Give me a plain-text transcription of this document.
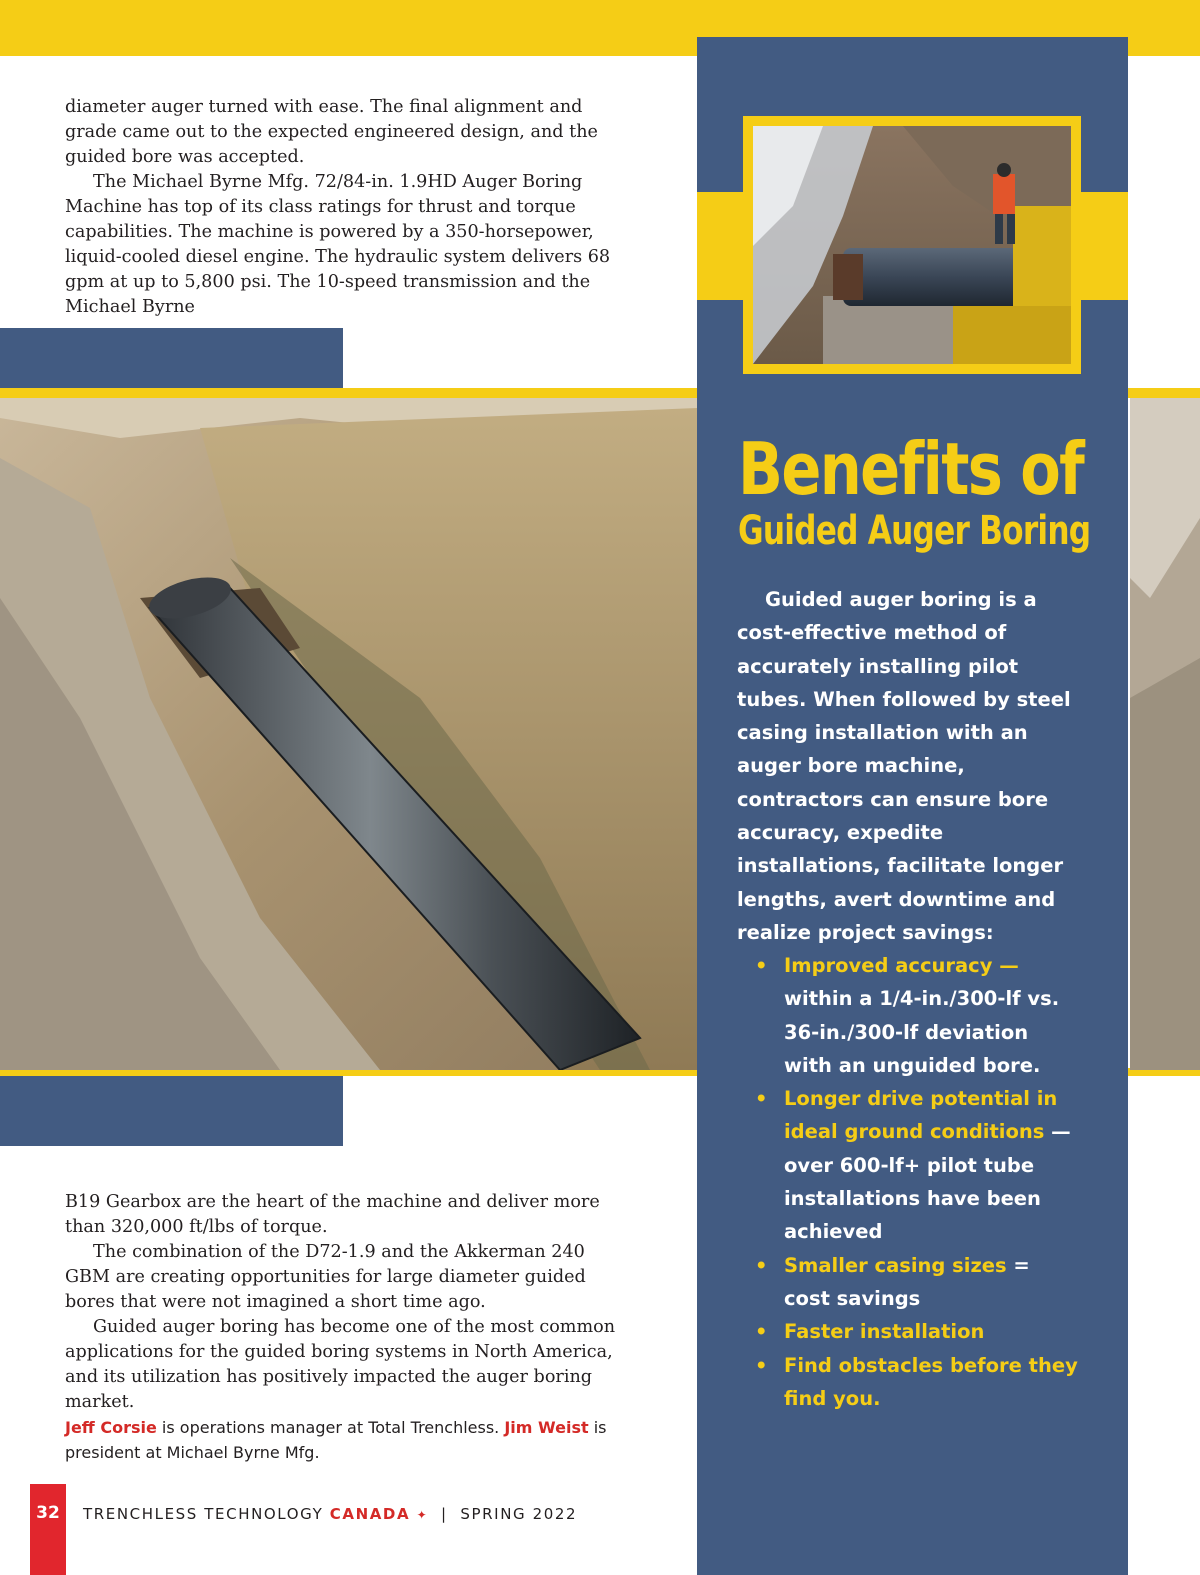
diameter auger turned with ease. The final alignment and grade came out to the expected engineered design, and the guided bore was accepted.

The Michael Byrne Mfg. 72/84-in. 1.9HD Auger Boring Machine has top of its class ratings for thrust and torque capabilities. The machine is powered by a 350-horsepower, liquid-cooled diesel engine. The hydraulic system delivers 68 gpm at up to 5,800 psi. The 10-speed transmission and the Michael Byrne

B19 Gearbox are the heart of the machine and deliver more than 320,000 ft/lbs of torque.

The combination of the D72-1.9 and the Akkerman 240 GBM are creating opportunities for large diameter guided bores that were not imagined a short time ago.

Guided auger boring has become one of the most common applications for the guided boring systems in North America, and its utilization has positively impacted the auger boring market.

Jeff Corsie is operations manager at Total Trenchless. Jim Weist is president at Michael Byrne Mfg.
Benefits of
Guided Auger Boring

Guided auger boring is a cost-effective method of accurately installing pilot tubes. When followed by steel casing installation with an auger bore machine, contractors can ensure bore accuracy, expedite installations, facilitate longer lengths, avert downtime and realize project savings:

• Improved accuracy — within a 1/4-in./300-lf vs. 36-in./300-lf deviation with an unguided bore.
• Longer drive potential in ideal ground conditions — over 600-lf+ pilot tube installations have been achieved
• Smaller casing sizes = cost savings
• Faster installation
• Find obstacles before they find you.
32	TRENCHLESS TECHNOLOGY CANADA ✦ | SPRING 2022
